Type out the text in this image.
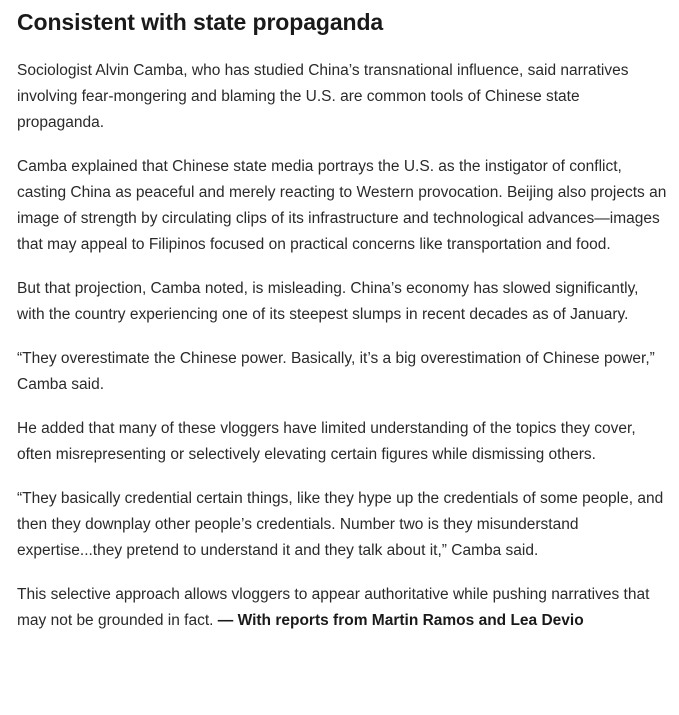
Consistent with state propaganda

Sociologist Alvin Camba, who has studied China’s transnational influence, said narratives involving fear-mongering and blaming the U.S. are common tools of Chinese state propaganda.

Camba explained that Chinese state media portrays the U.S. as the instigator of conflict, casting China as peaceful and merely reacting to Western provocation. Beijing also projects an image of strength by circulating clips of its infrastructure and technological advances—images that may appeal to Filipinos focused on practical concerns like transportation and food.

But that projection, Camba noted, is misleading. China’s economy has slowed significantly, with the country experiencing one of its steepest slumps in recent decades as of January.

“They overestimate the Chinese power. Basically, it’s a big overestimation of Chinese power,” Camba said.

He added that many of these vloggers have limited understanding of the topics they cover, often misrepresenting or selectively elevating certain figures while dismissing others.

“They basically credential certain things, like they hype up the credentials of some people, and then they downplay other people’s credentials. Number two is they misunderstand expertise...they pretend to understand it and they talk about it,” Camba said.

This selective approach allows vloggers to appear authoritative while pushing narratives that may not be grounded in fact. — With reports from Martin Ramos and Lea Devio
